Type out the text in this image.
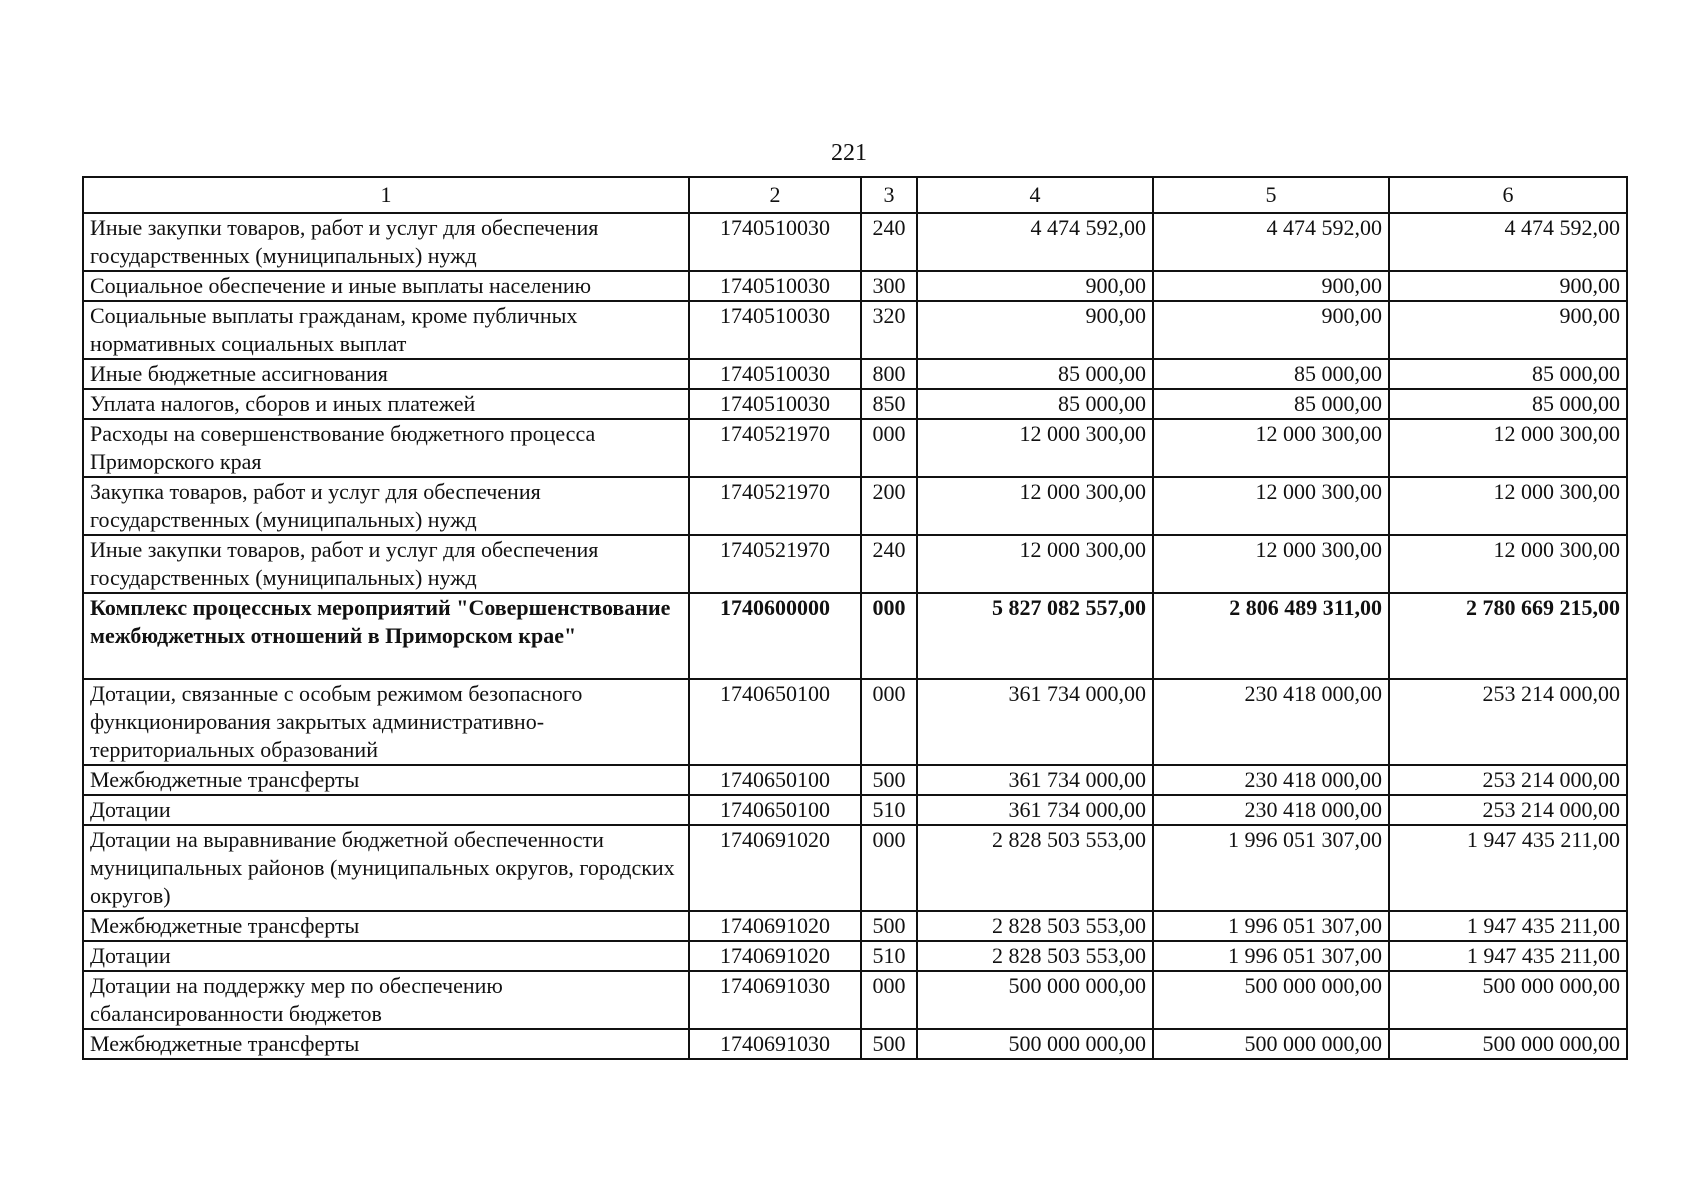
221
1	2	3	4	5	6
Иные закупки товаров, работ и услуг для обеспечения государственных (муниципальных) нужд	1740510030	240	4 474 592,00	4 474 592,00	4 474 592,00
Социальное обеспечение и иные выплаты населению	1740510030	300	900,00	900,00	900,00
Социальные выплаты гражданам, кроме публичных нормативных социальных выплат	1740510030	320	900,00	900,00	900,00
Иные бюджетные ассигнования	1740510030	800	85 000,00	85 000,00	85 000,00
Уплата налогов, сборов и иных платежей	1740510030	850	85 000,00	85 000,00	85 000,00
Расходы на совершенствование бюджетного процесса Приморского края	1740521970	000	12 000 300,00	12 000 300,00	12 000 300,00
Закупка товаров, работ и услуг для обеспечения государственных (муниципальных) нужд	1740521970	200	12 000 300,00	12 000 300,00	12 000 300,00
Иные закупки товаров, работ и услуг для обеспечения государственных (муниципальных) нужд	1740521970	240	12 000 300,00	12 000 300,00	12 000 300,00
Комплекс процессных мероприятий "Совершенствование межбюджетных отношений в Приморском крае"	1740600000	000	5 827 082 557,00	2 806 489 311,00	2 780 669 215,00
Дотации, связанные с особым режимом безопасного функционирования закрытых административно-территориальных образований	1740650100	000	361 734 000,00	230 418 000,00	253 214 000,00
Межбюджетные трансферты	1740650100	500	361 734 000,00	230 418 000,00	253 214 000,00
Дотации	1740650100	510	361 734 000,00	230 418 000,00	253 214 000,00
Дотации на выравнивание бюджетной обеспеченности муниципальных районов (муниципальных округов, городских округов)	1740691020	000	2 828 503 553,00	1 996 051 307,00	1 947 435 211,00
Межбюджетные трансферты	1740691020	500	2 828 503 553,00	1 996 051 307,00	1 947 435 211,00
Дотации	1740691020	510	2 828 503 553,00	1 996 051 307,00	1 947 435 211,00
Дотации на поддержку мер по обеспечению сбалансированности бюджетов	1740691030	000	500 000 000,00	500 000 000,00	500 000 000,00
Межбюджетные трансферты	1740691030	500	500 000 000,00	500 000 000,00	500 000 000,00
